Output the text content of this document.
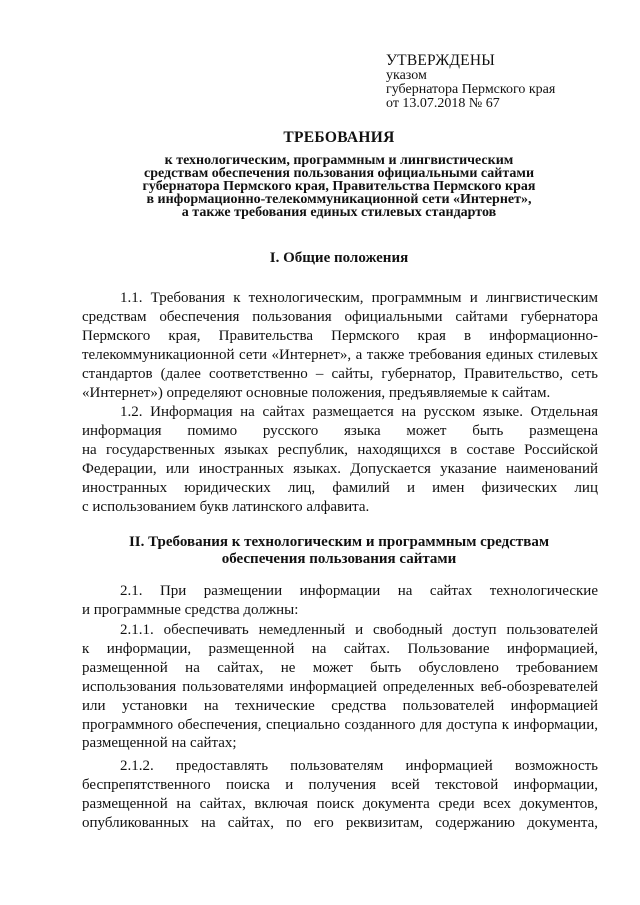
УТВЕРЖДЕНЫ
указом
губернатора Пермского края
от 13.07.2018 № 67
ТРЕБОВАНИЯ
к технологическим, программным и лингвистическим
средствам обеспечения пользования официальными сайтами
губернатора Пермского края, Правительства Пермского края
в информационно-телекоммуникационной сети «Интернет»,
а также требования единых стилевых стандартов
I. Общие положения
1.1. Требования к технологическим, программным и лингвистическим
средствам обеспечения пользования официальными сайтами губернатора
Пермского края, Правительства Пермского края в информационно-
телекоммуникационной сети «Интернет», а также требования единых стилевых
стандартов (далее соответственно – сайты, губернатор, Правительство, сеть
«Интернет») определяют основные положения, предъявляемые к сайтам.
1.2. Информация на сайтах размещается на русском языке. Отдельная
информация помимо русского языка может быть размещена
на государственных языках республик, находящихся в составе Российской
Федерации, или иностранных языках. Допускается указание наименований
иностранных юридических лиц, фамилий и имен физических лиц
с использованием букв латинского алфавита.
II. Требования к технологическим и программным средствам
обеспечения пользования сайтами
2.1. При размещении информации на сайтах технологические
и программные средства должны:
2.1.1. обеспечивать немедленный и свободный доступ пользователей
к информации, размещенной на сайтах. Пользование информацией,
размещенной на сайтах, не может быть обусловлено требованием
использования пользователями информацией определенных веб-обозревателей
или установки на технические средства пользователей информацией
программного обеспечения, специально созданного для доступа к информации,
размещенной на сайтах;
2.1.2. предоставлять пользователям информацией возможность
беспрепятственного поиска и получения всей текстовой информации,
размещенной на сайтах, включая поиск документа среди всех документов,
опубликованных на сайтах, по его реквизитам, содержанию документа,
